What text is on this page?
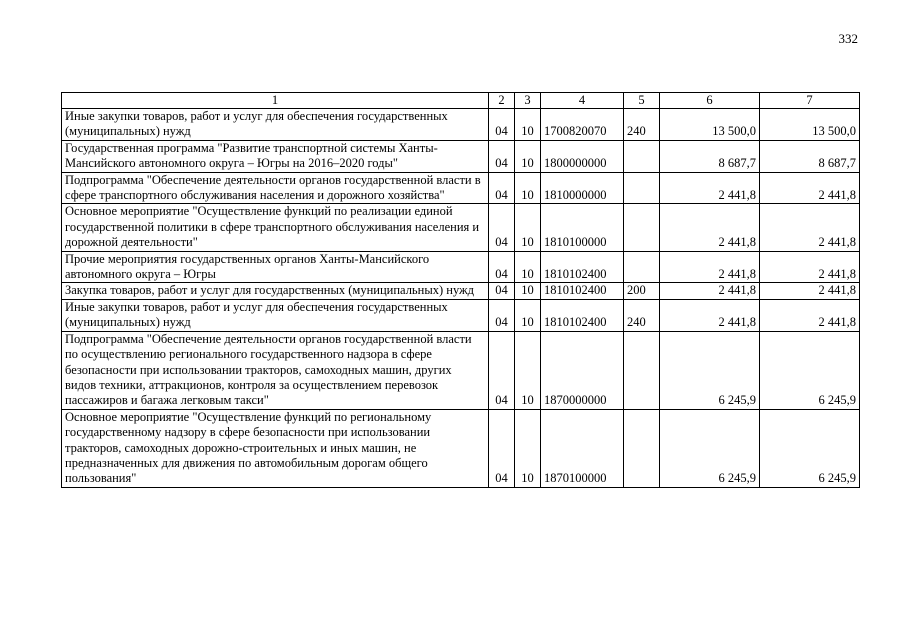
332
1	2	3	4	5	6	7
Иные закупки товаров, работ и услуг для обеспечения государственных (муниципальных) нужд	04	10	1700820070	240	13 500,0	13 500,0
Государственная программа "Развитие транспортной системы Ханты-Мансийского автономного округа – Югры на 2016–2020 годы"	04	10	1800000000		8 687,7	8 687,7
Подпрограмма "Обеспечение деятельности органов государственной власти в сфере транспортного обслуживания населения и дорожного хозяйства"	04	10	1810000000		2 441,8	2 441,8
Основное мероприятие "Осуществление функций по реализации единой государственной политики в сфере транспортного обслуживания населения и дорожной деятельности"	04	10	1810100000		2 441,8	2 441,8
Прочие мероприятия государственных органов Ханты-Мансийского автономного округа – Югры	04	10	1810102400		2 441,8	2 441,8
Закупка товаров, работ и услуг для государственных (муниципальных) нужд	04	10	1810102400	200	2 441,8	2 441,8
Иные закупки товаров, работ и услуг для обеспечения государственных (муниципальных) нужд	04	10	1810102400	240	2 441,8	2 441,8
Подпрограмма "Обеспечение деятельности органов государственной власти по осуществлению регионального государственного надзора в сфере безопасности при использовании тракторов, самоходных машин, других видов техники, аттракционов, контроля за осуществлением перевозок пассажиров и багажа легковым такси"	04	10	1870000000		6 245,9	6 245,9
Основное мероприятие "Осуществление функций по региональному государственному надзору в сфере безопасности при использовании тракторов, самоходных дорожно-строительных и иных машин, не предназначенных для движения по автомобильным дорогам общего пользования"	04	10	1870100000		6 245,9	6 245,9
